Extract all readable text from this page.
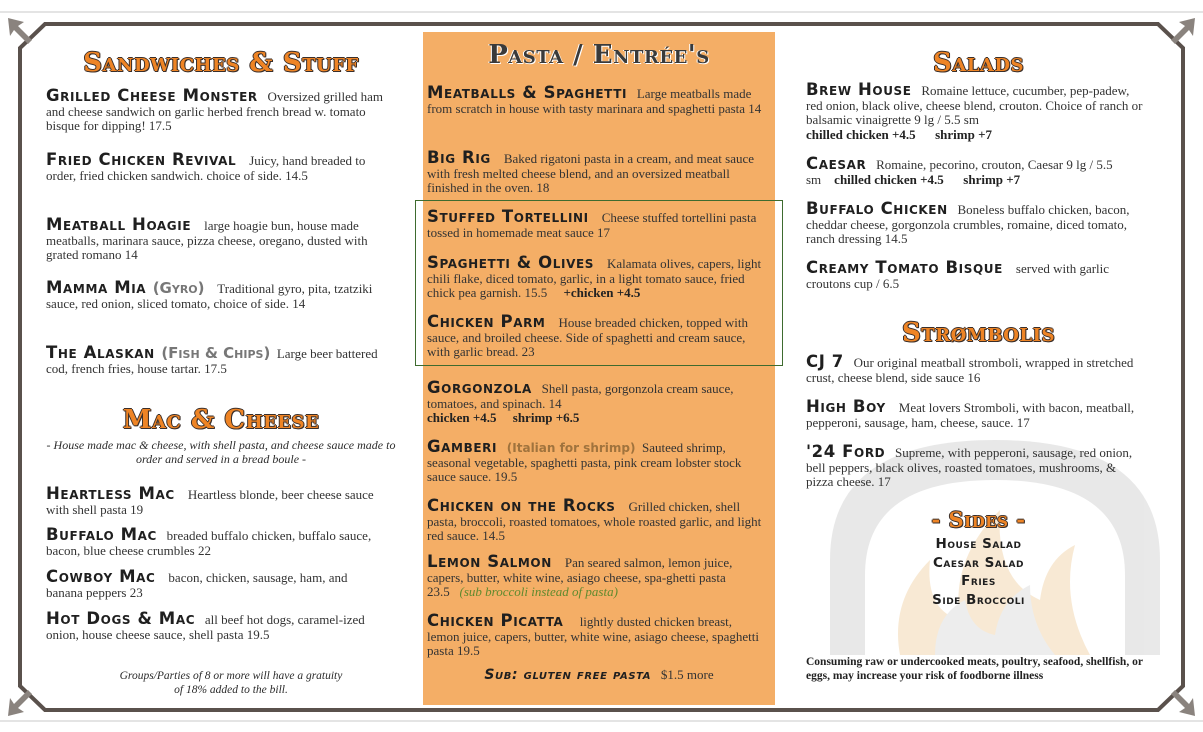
Sandwiches & Stuff
Grilled Cheese Monster Oversized grilled ham and cheese sandwich on garlic herbed french bread w. tomato bisque for dipping! 17.5
Fried Chicken Revival Juicy, hand breaded to order, fried chicken sandwich. choice of side. 14.5
Meatball Hoagie large hoagie bun, house made meatballs, marinara sauce, pizza cheese, oregano, dusted with grated romano 14
Mamma Mia (Gyro) Traditional gyro, pita, tzatziki sauce, red onion, sliced tomato, choice of side. 14
The Alaskan (Fish & Chips) Large beer battered cod, french fries, house tartar. 17.5
Mac & Cheese
- House made mac & cheese, with shell pasta, and cheese sauce made to order and served in a bread boule -
Heartless Mac Heartless blonde, beer cheese sauce with shell pasta 19
Buffalo Mac breaded buffalo chicken, buffalo sauce, bacon, blue cheese crumbles 22
Cowboy Mac bacon, chicken, sausage, ham, and banana peppers 23
Hot Dogs & Mac all beef hot dogs, caramel-ized onion, house cheese sauce, shell pasta 19.5
Groups/Parties of 8 or more will have a gratuity of 18% added to the bill.
Pasta / Entrée's
Meatballs & Spaghetti Large meatballs made from scratch in house with tasty marinara and spaghetti pasta 14
Big Rig Baked rigatoni pasta in a cream, and meat sauce with fresh melted cheese blend, and an oversized meatball finished in the oven. 18
Stuffed Tortellini Cheese stuffed tortellini pasta tossed in homemade meat sauce 17
Spaghetti & Olives Kalamata olives, capers, light chili flake, diced tomato, garlic, in a light tomato sauce, fried chick pea garnish. 15.5 +chicken +4.5
Chicken Parm House breaded chicken, topped with sauce, and broiled cheese. Side of spaghetti and cream sauce, with garlic bread. 23
Gorgonzola Shell pasta, gorgonzola cream sauce, tomatoes, and spinach. 14
chicken +4.5     shrimp +6.5
Gamberi (Italian for shrimp) Sauteed shrimp, seasonal vegetable, spaghetti pasta, pink cream lobster stock sauce sauce. 19.5
Chicken on the Rocks Grilled chicken, shell pasta, broccoli, roasted tomatoes, whole roasted garlic, and light red sauce. 14.5
Lemon Salmon Pan seared salmon, lemon juice, capers, butter, white wine, asiago cheese, spa-ghetti pasta 23.5 (sub broccoli instead of pasta)
Chicken Picatta lightly dusted chicken breast, lemon juice, capers, butter, white wine, asiago cheese, spaghetti pasta 19.5
Sub: gluten free pasta $1.5 more
Salads
Brew House Romaine lettuce, cucumber, pep-padew, red onion, black olive, cheese blend, crouton. Choice of ranch or balsamic vinaigrette 9 lg / 5.5 sm
chilled chicken +4.5      shrimp +7
Caesar Romaine, pecorino, crouton, Caesar 9 lg / 5.5 sm chilled chicken +4.5      shrimp +7
Buffalo Chicken Boneless buffalo chicken, bacon, cheddar cheese, gorgonzola crumbles, romaine, diced tomato, ranch dressing 14.5
Creamy Tomato Bisque served with garlic croutons cup / 6.5
Strømbolis
CJ 7 Our original meatball stromboli, wrapped in stretched crust, cheese blend, side sauce 16
High Boy Meat lovers Stromboli, with bacon, meatball, pepperoni, sausage, ham, cheese, sauce. 17
'24 Ford Supreme, with pepperoni, sausage, red onion, bell peppers, black olives, roasted tomatoes, mushrooms, & pizza cheese. 17
- Sides -
House Salad
Caesar Salad
Fries
Side Broccoli
Consuming raw or undercooked meats, poultry, seafood, shellfish, or eggs, may increase your risk of foodborne illness
